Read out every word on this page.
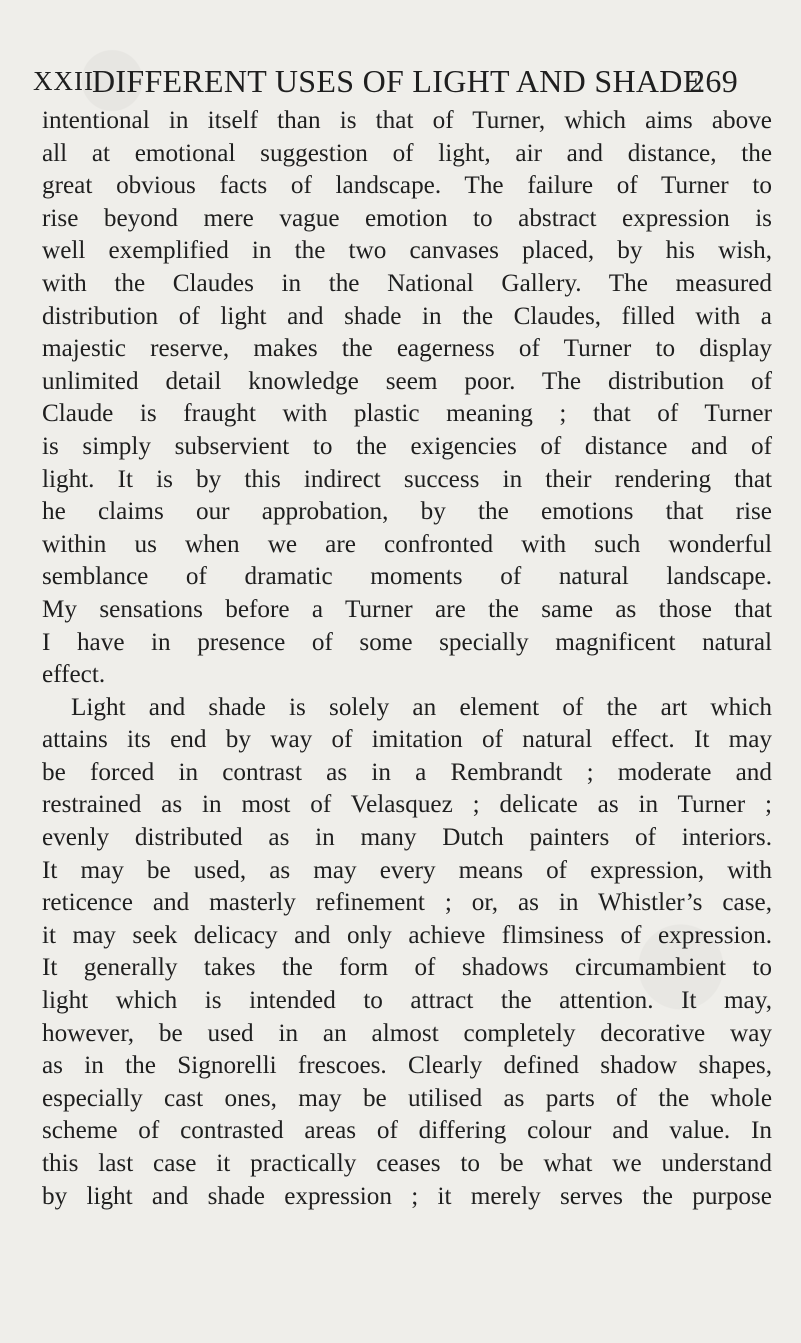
XXII
DIFFERENT USES OF LIGHT AND SHADE
269
intentional in itself than is that of Turner, which aims above
all at emotional suggestion of light, air and distance, the
great obvious facts of landscape. The failure of Turner to
rise beyond mere vague emotion to abstract expression is
well exemplified in the two canvases placed, by his wish,
with the Claudes in the National Gallery. The measured
distribution of light and shade in the Claudes, filled with a
majestic reserve, makes the eagerness of Turner to display
unlimited detail knowledge seem poor. The distribution of
Claude is fraught with plastic meaning ; that of Turner
is simply subservient to the exigencies of distance and of
light. It is by this indirect success in their rendering that
he claims our approbation, by the emotions that rise
within us when we are confronted with such wonderful
semblance of dramatic moments of natural landscape.
My sensations before a Turner are the same as those that
I have in presence of some specially magnificent natural
effect.
Light and shade is solely an element of the art which
attains its end by way of imitation of natural effect. It may
be forced in contrast as in a Rembrandt ; moderate and
restrained as in most of Velasquez ; delicate as in Turner ;
evenly distributed as in many Dutch painters of interiors.
It may be used, as may every means of expression, with
reticence and masterly refinement ; or, as in Whistler’s case,
it may seek delicacy and only achieve flimsiness of expression.
It generally takes the form of shadows circumambient to
light which is intended to attract the attention. It may,
however, be used in an almost completely decorative way
as in the Signorelli frescoes. Clearly defined shadow shapes,
especially cast ones, may be utilised as parts of the whole
scheme of contrasted areas of differing colour and value. In
this last case it practically ceases to be what we understand
by light and shade expression ; it merely serves the purpose
